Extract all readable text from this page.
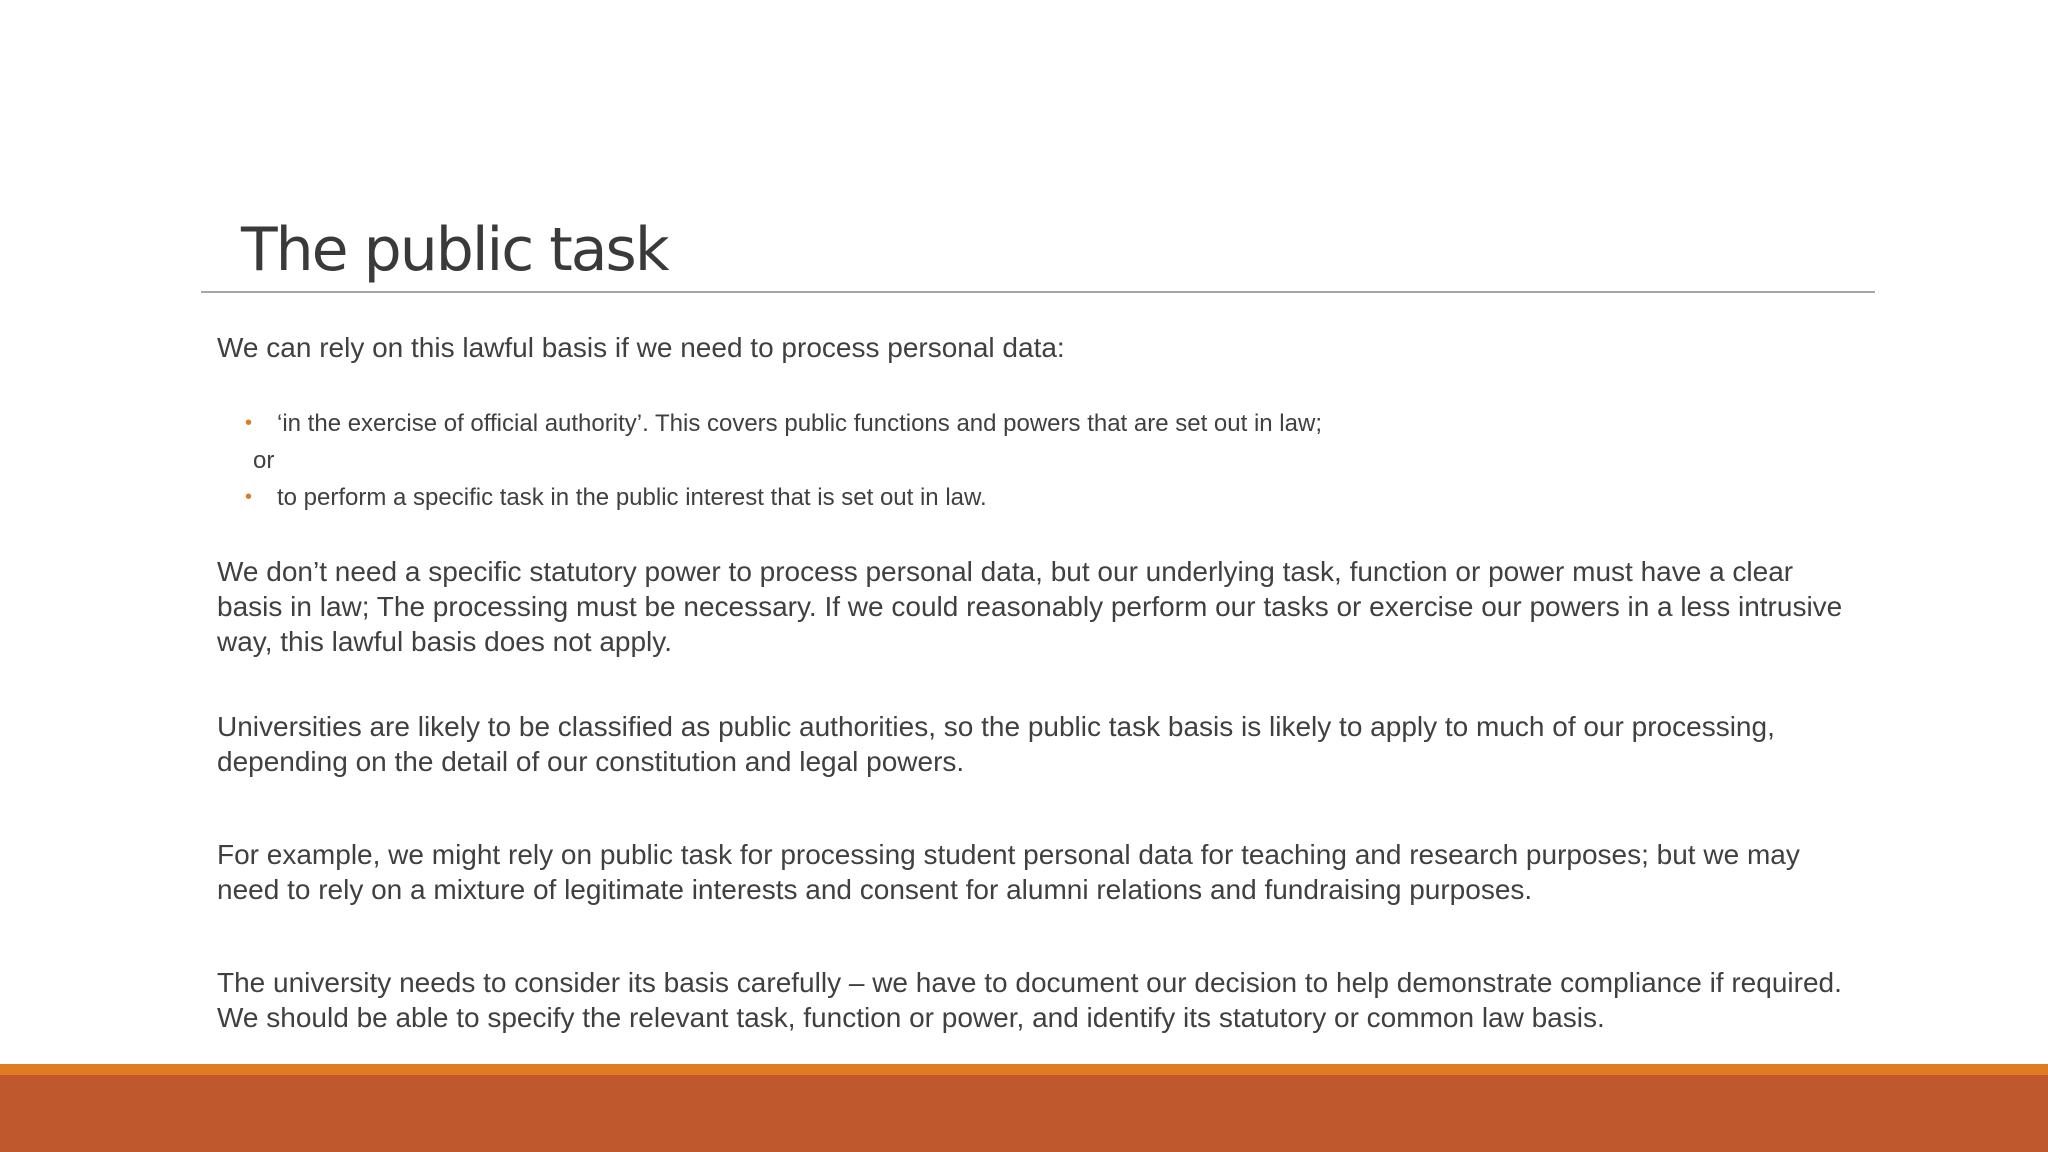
The public task

We can rely on this lawful basis if we need to process personal data:

• ‘in the exercise of official authority’. This covers public functions and powers that are set out in law;
or
• to perform a specific task in the public interest that is set out in law.

We don’t need a specific statutory power to process personal data, but our underlying task, function or power must have a clear basis in law; The processing must be necessary. If we could reasonably perform our tasks or exercise our powers in a less intrusive way, this lawful basis does not apply.

Universities are likely to be classified as public authorities, so the public task basis is likely to apply to much of our processing, depending on the detail of our constitution and legal powers.

For example, we might rely on public task for processing student personal data for teaching and research purposes; but we may need to rely on a mixture of legitimate interests and consent for alumni relations and fundraising purposes.

The university needs to consider its basis carefully – we have to document our decision to help demonstrate compliance if required. We should be able to specify the relevant task, function or power, and identify its statutory or common law basis.
